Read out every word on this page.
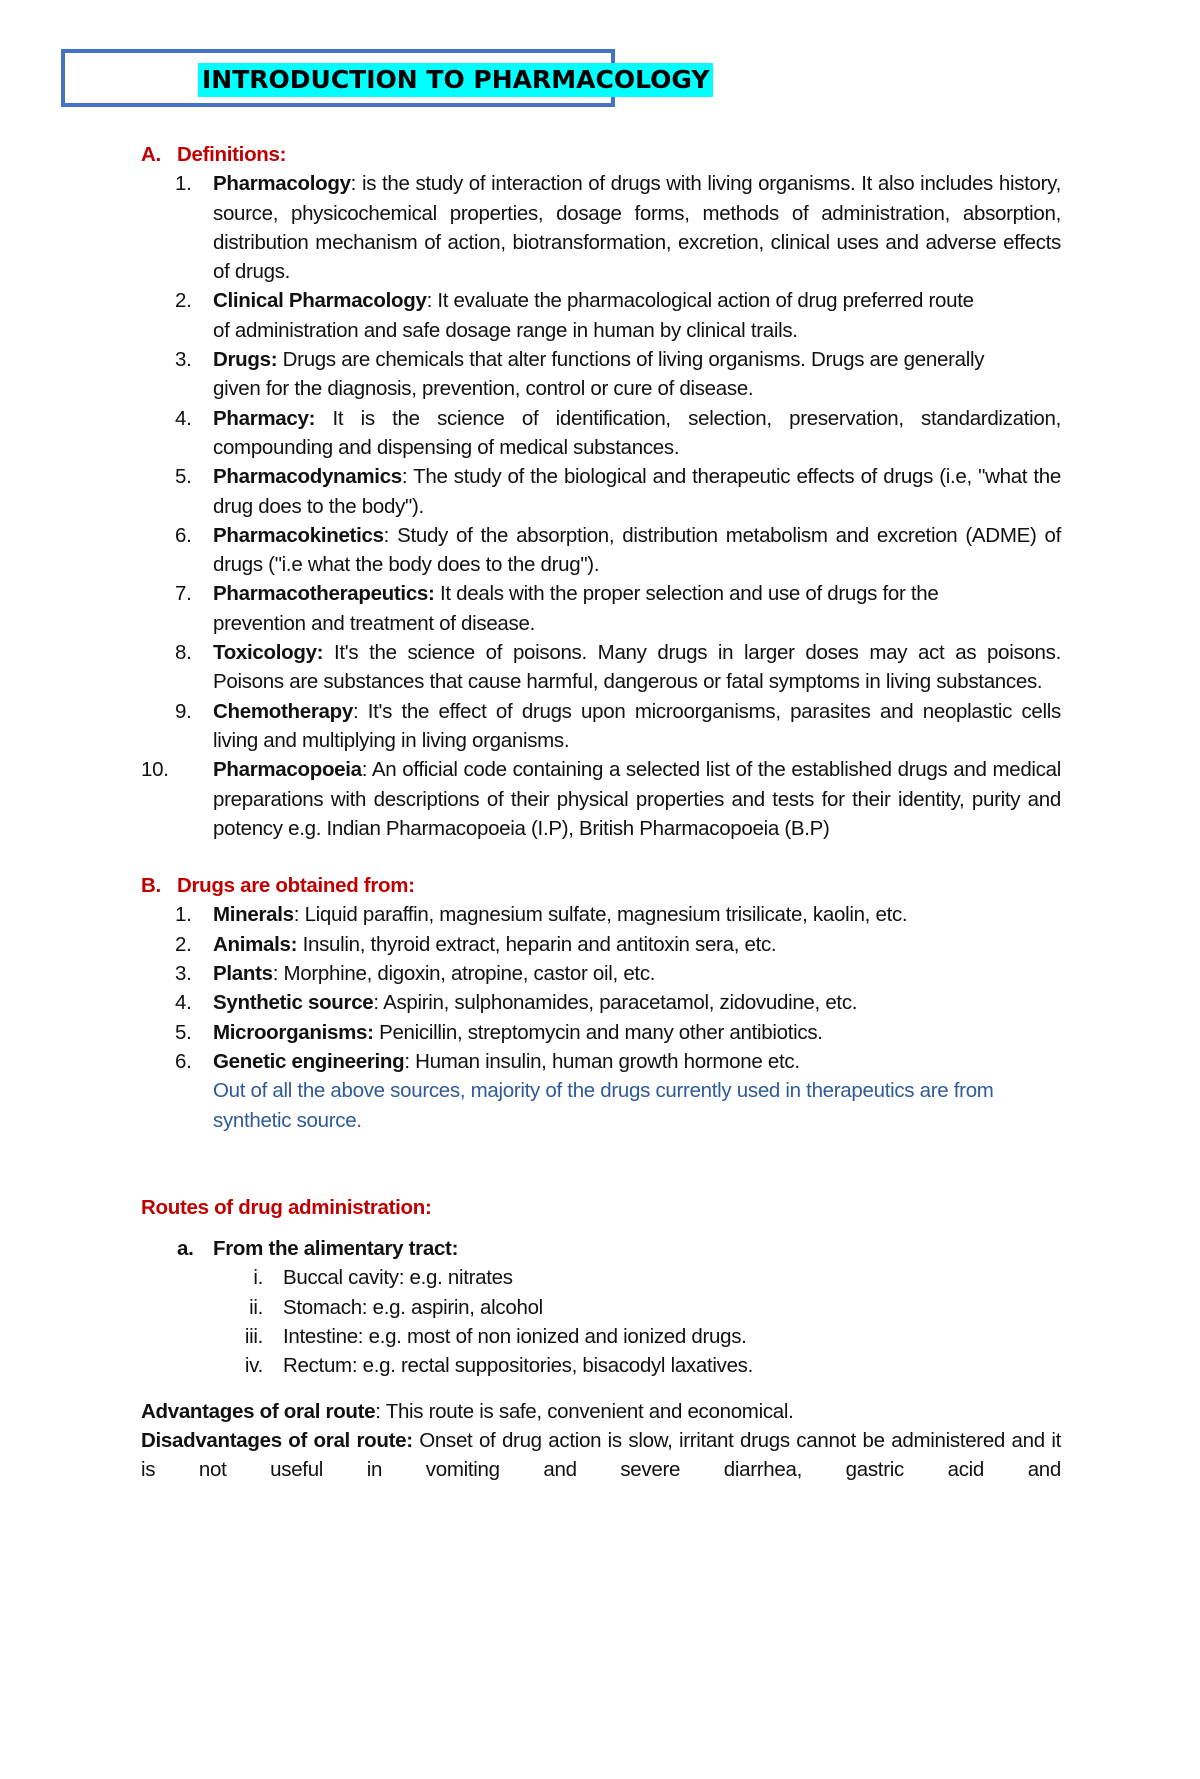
INTRODUCTION TO PHARMACOLOGY
A. Definitions:
1. Pharmacology: is the study of interaction of drugs with living organisms. It also includes history, source, physicochemical properties, dosage forms, methods of administration, absorption, distribution mechanism of action, biotransformation, excretion, clinical uses and adverse effects of drugs.
2. Clinical Pharmacology: It evaluate the pharmacological action of drug preferred route
of administration and safe dosage range in human by clinical trails.
3. Drugs: Drugs are chemicals that alter functions of living organisms. Drugs are generally
given for the diagnosis, prevention, control or cure of disease.
4. Pharmacy: It is the science of identification, selection, preservation, standardization, compounding and dispensing of medical substances.
5. Pharmacodynamics: The study of the biological and therapeutic effects of drugs (i.e, "what the drug does to the body").
6. Pharmacokinetics: Study of the absorption, distribution metabolism and excretion (ADME) of drugs ("i.e what the body does to the drug").
7. Pharmacotherapeutics: It deals with the proper selection and use of drugs for the
prevention and treatment of disease.
8. Toxicology: It's the science of poisons. Many drugs in larger doses may act as poisons. Poisons are substances that cause harmful, dangerous or fatal symptoms in living substances.
9. Chemotherapy: It's the effect of drugs upon microorganisms, parasites and neoplastic cells living and multiplying in living organisms.
10.	Pharmacopoeia: An official code containing a selected list of the established drugs and medical preparations with descriptions of their physical properties and tests for their identity, purity and potency e.g. Indian Pharmacopoeia (I.P), British Pharmacopoeia (B.P)
B. Drugs are obtained from:
1. Minerals: Liquid paraffin, magnesium sulfate, magnesium trisilicate, kaolin, etc.
2. Animals: Insulin, thyroid extract, heparin and antitoxin sera, etc.
3. Plants: Morphine, digoxin, atropine, castor oil, etc.
4. Synthetic source: Aspirin, sulphonamides, paracetamol, zidovudine, etc.
5. Microorganisms: Penicillin, streptomycin and many other antibiotics.
6. Genetic engineering: Human insulin, human growth hormone etc.
Out of all the above sources, majority of the drugs currently used in therapeutics are from synthetic source.
Routes of drug administration:
a. From the alimentary tract:
i. Buccal cavity: e.g. nitrates
ii. Stomach: e.g. aspirin, alcohol
iii. Intestine: e.g. most of non ionized and ionized drugs.
iv. Rectum: e.g. rectal suppositories, bisacodyl laxatives.
Advantages of oral route: This route is safe, convenient and economical.
Disadvantages of oral route: Onset of drug action is slow, irritant drugs cannot be administered and it is not useful in vomiting and severe diarrhea, gastric acid and
